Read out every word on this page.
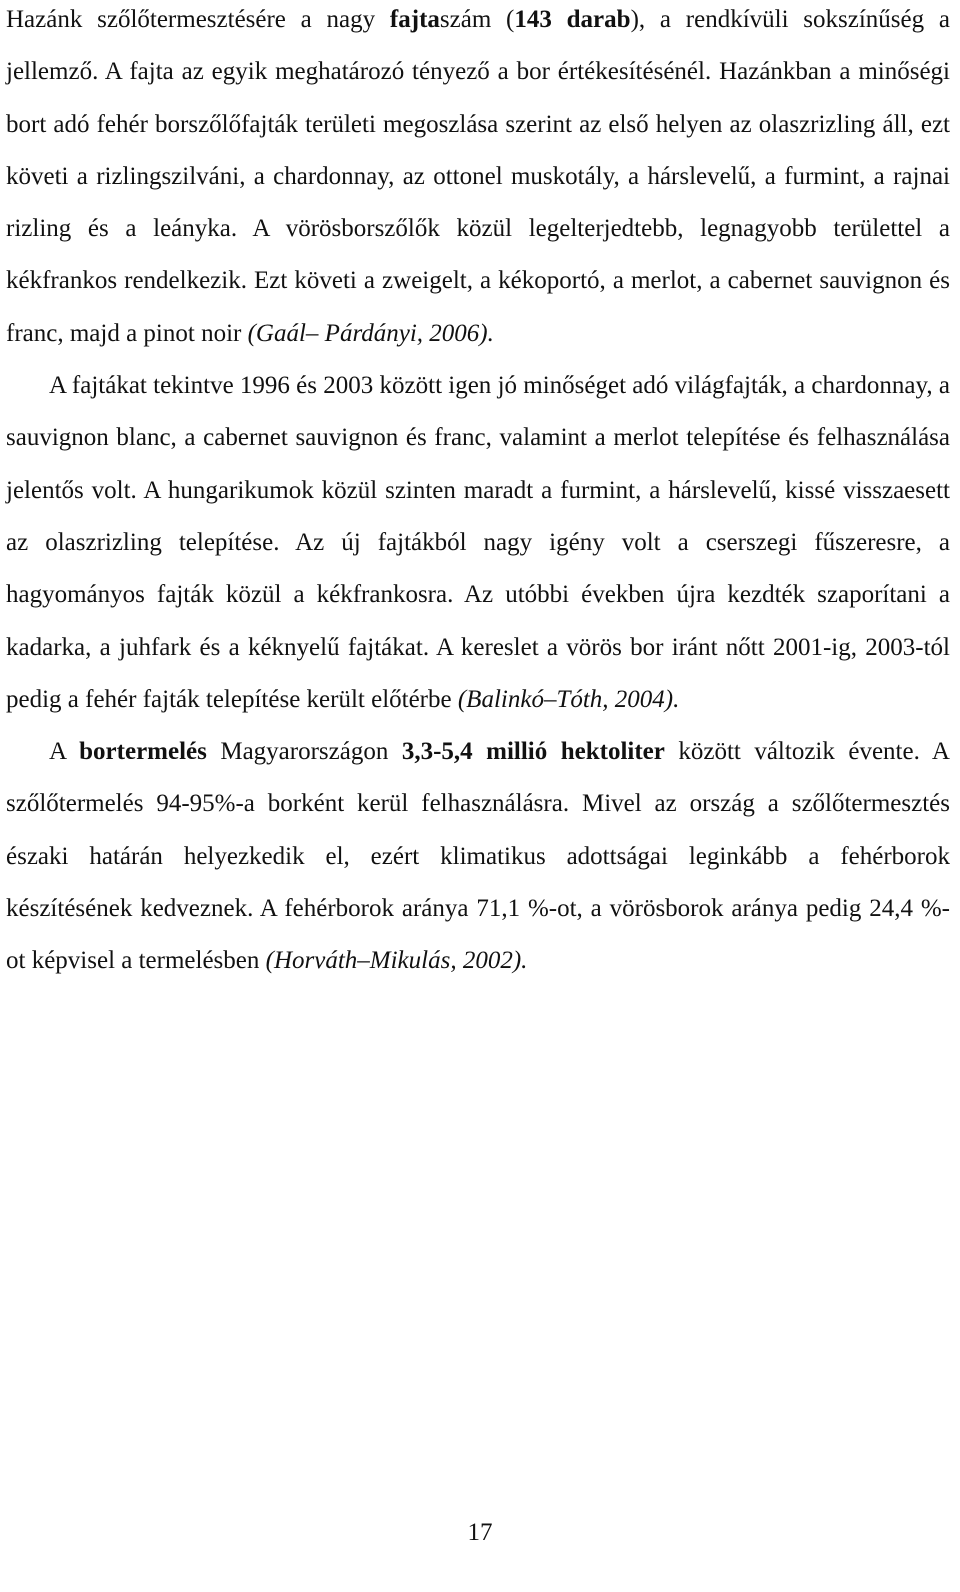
Hazánk szőlőtermesztésére a nagy fajtaszám (143 darab), a rendkívüli sokszínűség a jellemző. A fajta az egyik meghatározó tényező a bor értékesítésénél. Hazánkban a minőségi bort adó fehér borszőlőfajták területi megoszlása szerint az első helyen az olaszrizling áll, ezt követi a rizlingszilváni, a chardonnay, az ottonel muskotály, a hárslevelű, a furmint, a rajnai rizling és a leányka. A vörösborszőlők közül legelterjedtebb, legnagyobb területtel a kékfrankos rendelkezik. Ezt követi a zweigelt, a kékoportó, a merlot, a cabernet sauvignon és franc, majd a pinot noir (Gaál– Párdányi, 2006).

A fajtákat tekintve 1996 és 2003 között igen jó minőséget adó világfajták, a chardonnay, a sauvignon blanc, a cabernet sauvignon és franc, valamint a merlot telepítése és felhasználása jelentős volt. A hungarikumok közül szinten maradt a furmint, a hárslevelű, kissé visszaesett az olaszrizling telepítése. Az új fajtákból nagy igény volt a cserszegi fűszeresre, a hagyományos fajták közül a kékfrankosra. Az utóbbi években újra kezdték szaporítani a kadarka, a juhfark és a kéknyelű fajtákat. A kereslet a vörös bor iránt nőtt 2001-ig, 2003-tól pedig a fehér fajták telepítése került előtérbe (Balinkó–Tóth, 2004).

A bortermelés Magyarországon 3,3-5,4 millió hektoliter között változik évente. A szőlőtermelés 94-95%-a borként kerül felhasználásra. Mivel az ország a szőlőtermesztés északi határán helyezkedik el, ezért klimatikus adottságai leginkább a fehérborok készítésének kedveznek. A fehérborok aránya 71,1 %-ot, a vörösborok aránya pedig 24,4 %-ot képvisel a termelésben (Horváth–Mikulás, 2002).

17
